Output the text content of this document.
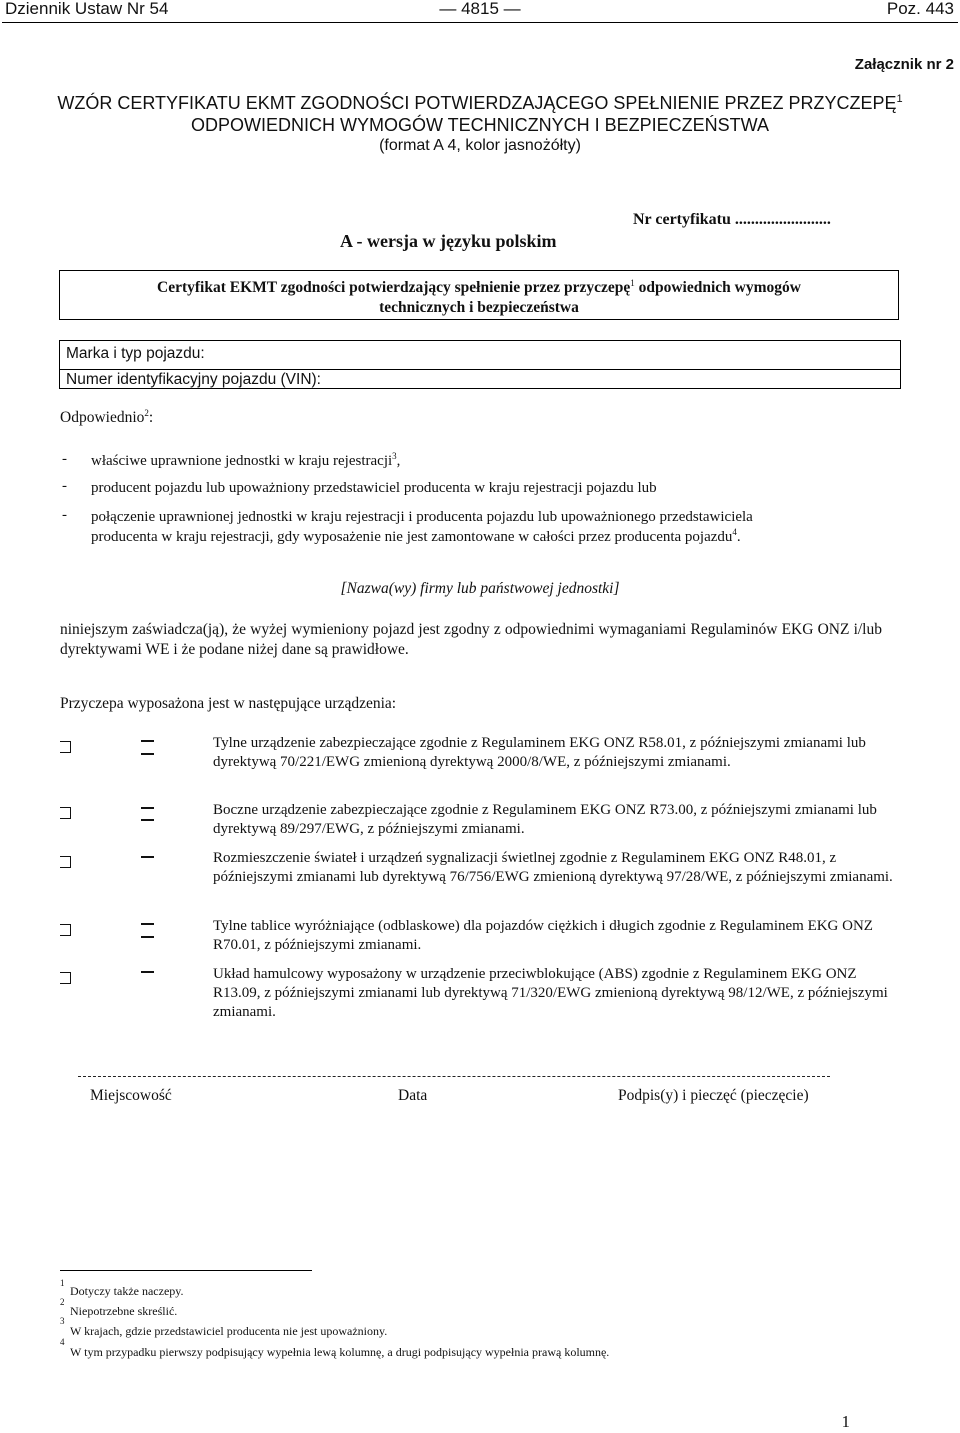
Dziennik Ustaw Nr 54	— 4815 —	Poz. 443
Załącznik nr 2
WZÓR CERTYFIKATU EKMT ZGODNOŚCI POTWIERDZAJĄCEGO SPEŁNIENIE PRZEZ PRZYCZEPĘ$^1$
ODPOWIEDNICH WYMOGÓW TECHNICZNYCH I BEZPIECZEŃSTWA
(format A 4, kolor jasnożółty)
Nr certyfikatu ........................
A - wersja w języku polskim
Certyfikat EKMT zgodności potwierdzający spełnienie przez przyczepę$^1$ odpowiednich wymogów
technicznych i bezpieczeństwa
Marka i typ pojazdu:
Numer identyfikacyjny pojazdu (VIN):
Odpowiednio$^2$:
- właściwe uprawnione jednostki w kraju rejestracji$^3$,
- producent pojazdu lub upoważniony przedstawiciel producenta w kraju rejestracji pojazdu lub
- połączenie uprawnionej jednostki w kraju rejestracji i producenta pojazdu lub upoważnionego przedstawiciela producenta w kraju rejestracji, gdy wyposażenie nie jest zamontowane w całości przez producenta pojazdu$^4$.
[Nazwa(wy) firmy lub państwowej jednostki]
niniejszym zaświadcza(ją), że wyżej wymieniony pojazd jest zgodny z odpowiednimi wymaganiami Regulaminów EKG ONZ i/lub dyrektywami WE i że podane niżej dane są prawidłowe.
Przyczepa wyposażona jest w następujące urządzenia:
Tylne urządzenie zabezpieczające zgodnie z Regulaminem EKG ONZ R58.01, z późniejszymi zmianami lub dyrektywą 70/221/EWG zmienioną dyrektywą 2000/8/WE, z późniejszymi zmianami.
Boczne urządzenie zabezpieczające zgodnie z Regulaminem EKG ONZ R73.00, z późniejszymi zmianami lub dyrektywą 89/297/EWG, z późniejszymi zmianami.
Rozmieszczenie świateł i urządzeń sygnalizacji świetlnej zgodnie z Regulaminem EKG ONZ R48.01, z późniejszymi zmianami lub dyrektywą 76/756/EWG zmienioną dyrektywą 97/28/WE, z późniejszymi zmianami.
Tylne tablice wyróżniające (odblaskowe) dla pojazdów ciężkich i długich zgodnie z Regulaminem EKG ONZ R70.01, z późniejszymi zmianami.
Układ hamulcowy wyposażony w urządzenie przeciwblokujące (ABS) zgodnie z Regulaminem EKG ONZ R13.09, z późniejszymi zmianami lub dyrektywą 71/320/EWG zmienioną dyrektywą 98/12/WE, z późniejszymi zmianami.
Miejscowość	Data	Podpis(y) i pieczęć (pieczęcie)
$^1$
Dotyczy także naczepy.
$^2$
Niepotrzebne skreślić.
$^3$
W krajach, gdzie przedstawiciel producenta nie jest upoważniony.
$^4$
W tym przypadku pierwszy podpisujący wypełnia lewą kolumnę, a drugi podpisujący wypełnia prawą kolumnę.
1
